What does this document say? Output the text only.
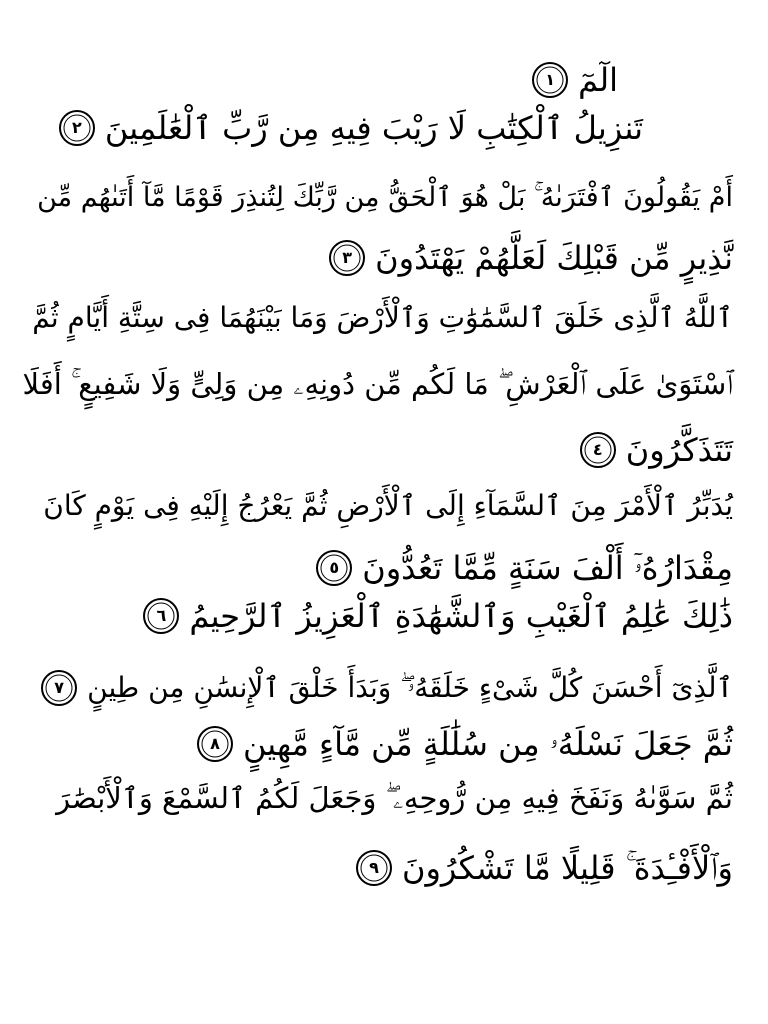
الٓمٓ
١
تَنزِيلُ ٱلْكِتَٰبِ لَا رَيْبَ فِيهِ مِن رَّبِّ ٱلْعَٰلَمِينَ
٢
أَمْ يَقُولُونَ ٱفْتَرَىٰهُ ۚ بَلْ هُوَ ٱلْحَقُّ مِن رَّبِّكَ لِتُنذِرَ قَوْمًا مَّآ أَتَىٰهُم مِّن
نَّذِيرٍ مِّن قَبْلِكَ لَعَلَّهُمْ يَهْتَدُونَ
٣
ٱللَّهُ ٱلَّذِى خَلَقَ ٱلسَّمَٰوَٰتِ وَٱلْأَرْضَ وَمَا بَيْنَهُمَا فِى سِتَّةِ أَيَّامٍ ثُمَّ
ٱسْتَوَىٰ عَلَى ٱلْعَرْشِ ۖ مَا لَكُم مِّن دُونِهِۦ مِن وَلِىٍّ وَلَا شَفِيعٍ ۚ أَفَلَا
تَتَذَكَّرُونَ
٤
يُدَبِّرُ ٱلْأَمْرَ مِنَ ٱلسَّمَآءِ إِلَى ٱلْأَرْضِ ثُمَّ يَعْرُجُ إِلَيْهِ فِى يَوْمٍ كَانَ
مِقْدَارُهُۥٓ أَلْفَ سَنَةٍ مِّمَّا تَعُدُّونَ
٥
ذَٰلِكَ عَٰلِمُ ٱلْغَيْبِ وَٱلشَّهَٰدَةِ ٱلْعَزِيزُ ٱلرَّحِيمُ
٦
ٱلَّذِىٓ أَحْسَنَ كُلَّ شَىْءٍ خَلَقَهُۥ ۖ وَبَدَأَ خَلْقَ ٱلْإِنسَٰنِ مِن طِينٍ
٧
ثُمَّ جَعَلَ نَسْلَهُۥ مِن سُلَٰلَةٍ مِّن مَّآءٍ مَّهِينٍ
٨
ثُمَّ سَوَّىٰهُ وَنَفَخَ فِيهِ مِن رُّوحِهِۦ ۖ وَجَعَلَ لَكُمُ ٱلسَّمْعَ وَٱلْأَبْصَٰرَ
وَٱلْأَفْـِٔدَةَ ۚ قَلِيلًا مَّا تَشْكُرُونَ
٩
